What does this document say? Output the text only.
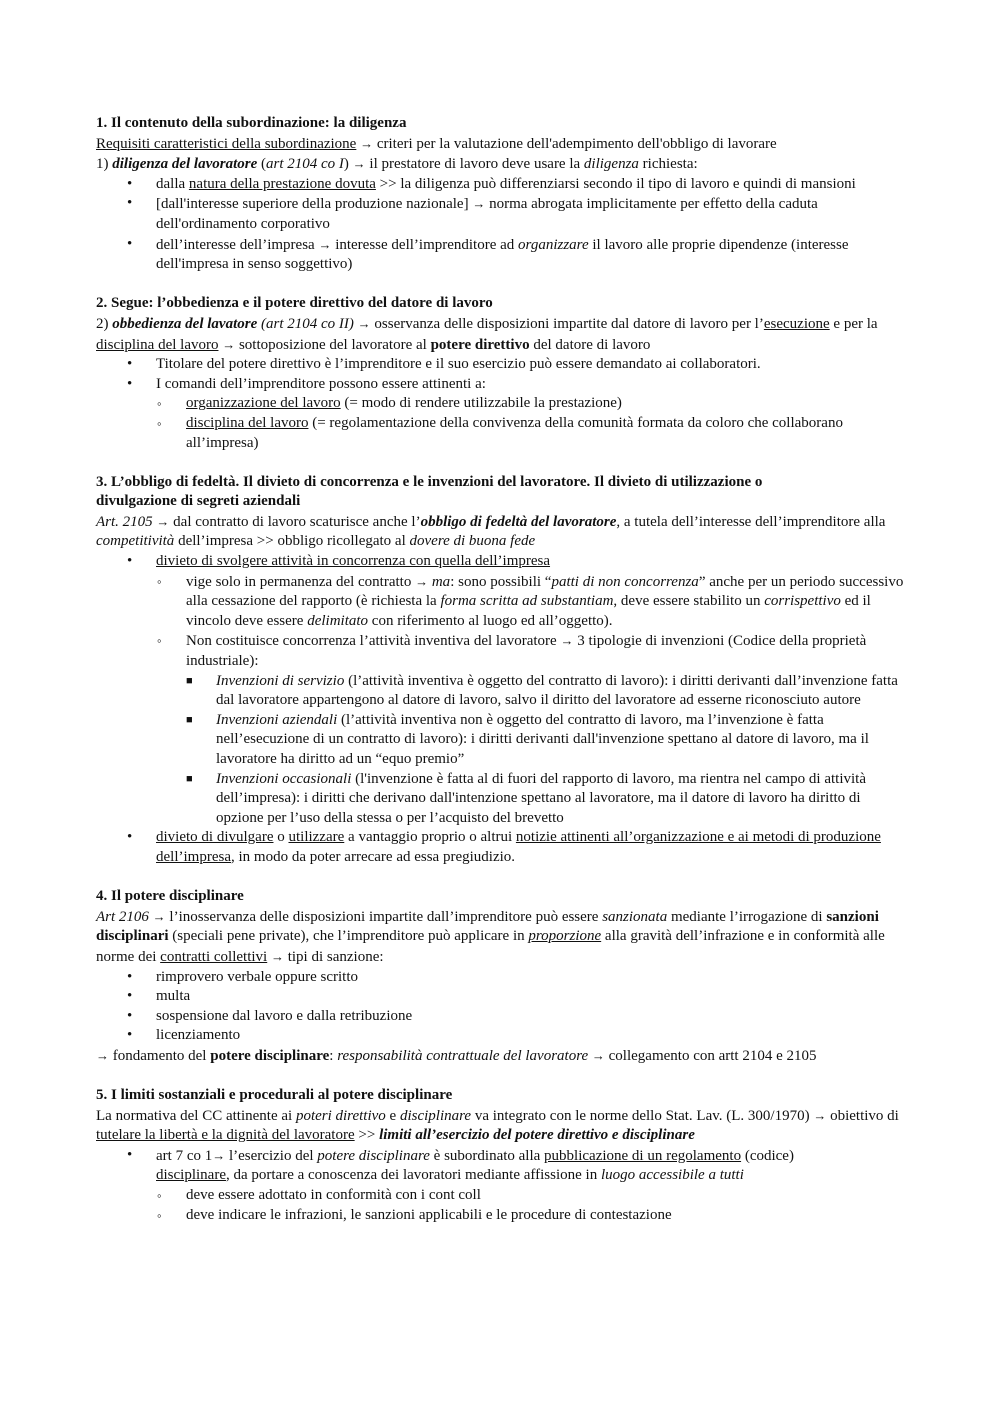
1. Il contenuto della subordinazione: la diligenza
Requisiti caratteristici della subordinazione → criteri per la valutazione dell'adempimento dell'obbligo di lavorare
1) diligenza del lavoratore (art 2104 co I) → il prestatore di lavoro deve usare la diligenza richiesta:
• dalla natura della prestazione dovuta >> la diligenza può differenziarsi secondo il tipo di lavoro e quindi di mansioni
• [dall'interesse superiore della produzione nazionale] → norma abrogata implicitamente per effetto della caduta dell'ordinamento corporativo
• dell’interesse dell’impresa → interesse dell’imprenditore ad organizzare il lavoro alle proprie dipendenze (interesse dell'impresa in senso soggettivo)
2. Segue: l’obbedienza e il potere direttivo del datore di lavoro
2) obbedienza del lavatore (art 2104 co II) → osservanza delle disposizioni impartite dal datore di lavoro per l’esecuzione e per la disciplina del lavoro → sottoposizione del lavoratore al potere direttivo del datore di lavoro
• Titolare del potere direttivo è l’imprenditore e il suo esercizio può essere demandato ai collaboratori.
• I comandi dell’imprenditore possono essere attinenti a:
◦ organizzazione del lavoro (= modo di rendere utilizzabile la prestazione)
◦ disciplina del lavoro (= regolamentazione della convivenza della comunità formata da coloro che collaborano all’impresa)
3. L’obbligo di fedeltà. Il divieto di concorrenza e le invenzioni del lavoratore. Il divieto di utilizzazione o divulgazione di segreti aziendali
Art. 2105 → dal contratto di lavoro scaturisce anche l’obbligo di fedeltà del lavoratore, a tutela dell’interesse dell’imprenditore alla competitività dell’impresa >> obbligo ricollegato al dovere di buona fede
• divieto di svolgere attività in concorrenza con quella dell’impresa
◦ vige solo in permanenza del contratto → ma: sono possibili “patti di non concorrenza” anche per un periodo successivo alla cessazione del rapporto (è richiesta la forma scritta ad substantiam, deve essere stabilito un corrispettivo ed il vincolo deve essere delimitato con riferimento al luogo ed all’oggetto).
◦ Non costituisce concorrenza l’attività inventiva del lavoratore → 3 tipologie di invenzioni (Codice della proprietà industriale):
■ Invenzioni di servizio (l’attività inventiva è oggetto del contratto di lavoro): i diritti derivanti dall’invenzione fatta dal lavoratore appartengono al datore di lavoro, salvo il diritto del lavoratore ad esserne riconosciuto autore
■ Invenzioni aziendali (l’attività inventiva non è oggetto del contratto di lavoro, ma l’invenzione è fatta nell’esecuzione di un contratto di lavoro): i diritti derivanti dall'invenzione spettano al datore di lavoro, ma il lavoratore ha diritto ad un “equo premio”
■ Invenzioni occasionali (l'invenzione è fatta al di fuori del rapporto di lavoro, ma rientra nel campo di attività dell’impresa): i diritti che derivano dall'intenzione spettano al lavoratore, ma il datore di lavoro ha diritto di opzione per l’uso della stessa o per l’acquisto del brevetto
• divieto di divulgare o utilizzare a vantaggio proprio o altrui notizie attinenti all’organizzazione e ai metodi di produzione dell’impresa, in modo da poter arrecare ad essa pregiudizio.
4. Il potere disciplinare
Art 2106 → l’inosservanza delle disposizioni impartite dall’imprenditore può essere sanzionata mediante l’irrogazione di sanzioni disciplinari (speciali pene private), che l’imprenditore può applicare in proporzione alla gravità dell’infrazione e in conformità alle norme dei contratti collettivi → tipi di sanzione:
• rimprovero verbale oppure scritto
• multa
• sospensione dal lavoro e dalla retribuzione
• licenziamento
→ fondamento del potere disciplinare: responsabilità contrattuale del lavoratore → collegamento con artt 2104 e 2105
5. I limiti sostanziali e procedurali al potere disciplinare
La normativa del CC attinente ai poteri direttivo e disciplinare va integrato con le norme dello Stat. Lav. (L. 300/1970) → obiettivo di tutelare la libertà e la dignità del lavoratore >> limiti all’esercizio del potere direttivo e disciplinare
• art 7 co 1→ l’esercizio del potere disciplinare è subordinato alla pubblicazione di un regolamento (codice) disciplinare, da portare a conoscenza dei lavoratori mediante affissione in luogo accessibile a tutti
◦ deve essere adottato in conformità con i cont coll
◦ deve indicare le infrazioni, le sanzioni applicabili e le procedure di contestazione
